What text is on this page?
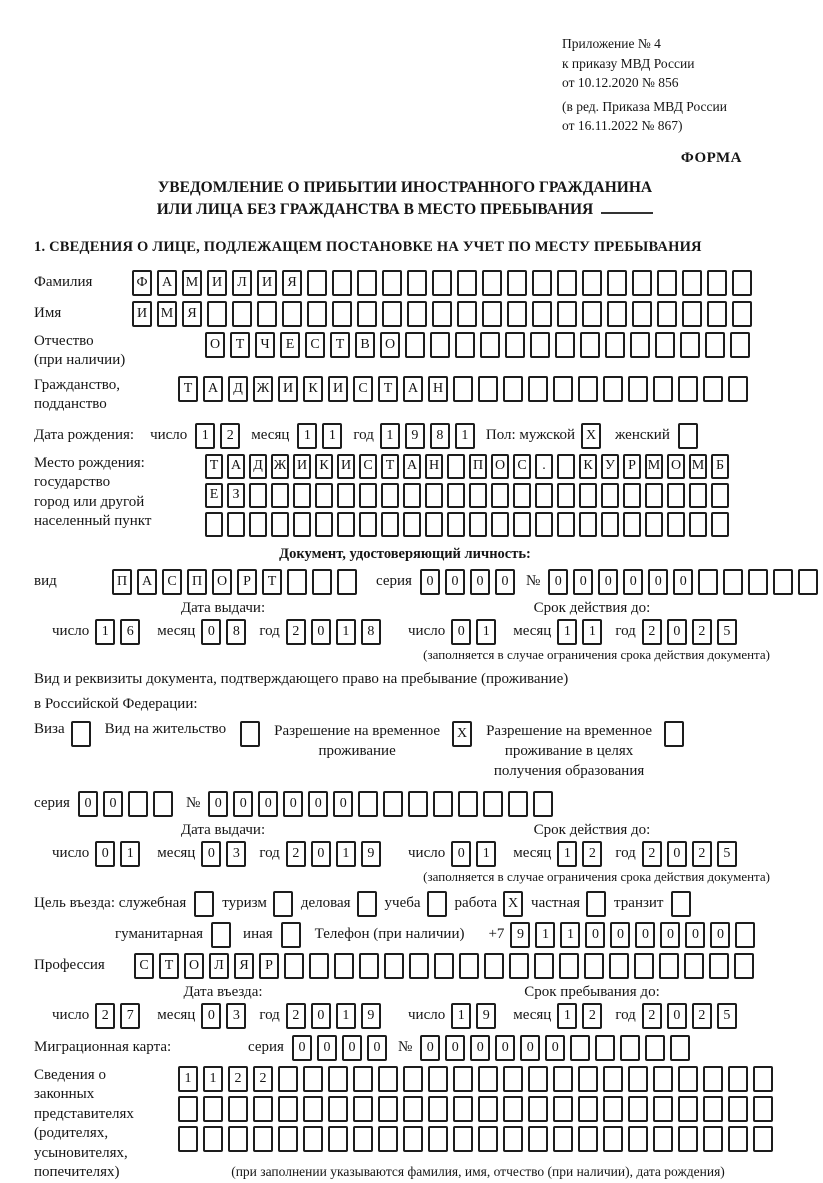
Приложение № 4
к приказу МВД России
от 10.12.2020 № 856
(в ред. Приказа МВД России
от 16.11.2022 № 867)
ФОРМА
УВЕДОМЛЕНИЕ О ПРИБЫТИИ ИНОСТРАННОГО ГРАЖДАНИНА
ИЛИ ЛИЦА БЕЗ ГРАЖДАНСТВА В МЕСТО ПРЕБЫВАНИЯ
1. СВЕДЕНИЯ О ЛИЦЕ, ПОДЛЕЖАЩЕМ ПОСТАНОВКЕ НА УЧЕТ ПО МЕСТУ ПРЕБЫВАНИЯ
Фамилия	Ф	А М И	Л	И	Я
Имя	И М	Я
Отчество
(при наличии)
О	Т	Ч	Е	С	Т	В	О
Гражданство,
подданство
Т	А	Д Ж И	К	И	С	Т	А	Н
Дата рождения: число	1	2	месяц	1	1	год 1	9	8	1	Пол: мужской X	женский
Место рождения:
государство
город или другой
населенный пункт
Т А Д Ж И К И С Т А Н П О С	.	К У Р М О М Б
Е	З
Документ, удостоверяющий личность:
вид	П	А	С	П	О	Р	Т	серия	0	0	0	0	№	0	0	0	0	0	0
Дата выдачи:
число 1	6	месяц 0	8	год 2	0	1	8
Срок действия до:
число 0	1	месяц 1	1	год 2	0	2	5
(заполняется в случае ограничения срока действия документа)
Вид и реквизиты документа, подтверждающего право на пребывание (проживание)
в Российской Федерации:
Виза	Вид на жительство	Разрешение на временное
проживание
X	Разрешение на временное
проживание в целях
получения образования
серия	0	0	№	0	0	0	0	0	0
Дата выдачи:
число 0	1	месяц 0	3	год 2	0	1	9
Срок действия до:
число 0	1	месяц 1	2	год 2	0	2	5
(заполняется в случае ограничения срока действия документа)
Цель въезда: служебная туризм деловая учеба работа X частная транзит
гуманитарная	иная	Телефон (при наличии) +7 9	1	1	0	0	0	0	0	0
Профессия	С	Т	О	Л	Я	Р
Дата въезда:
число 2	7	месяц 0	3	год 2	0	1	9
Срок пребывания до:
число 1	9	месяц 1	2	год 2	0	2	5
Миграционная карта:	серия	0	0	0	0	№	0	0	0	0	0	0
Сведения о
законных
представителях
(родителях,
усыновителях,
попечителях)
1	1	2	2
(при заполнении указываются фамилия, имя, отчество (при наличии), дата рождения)
